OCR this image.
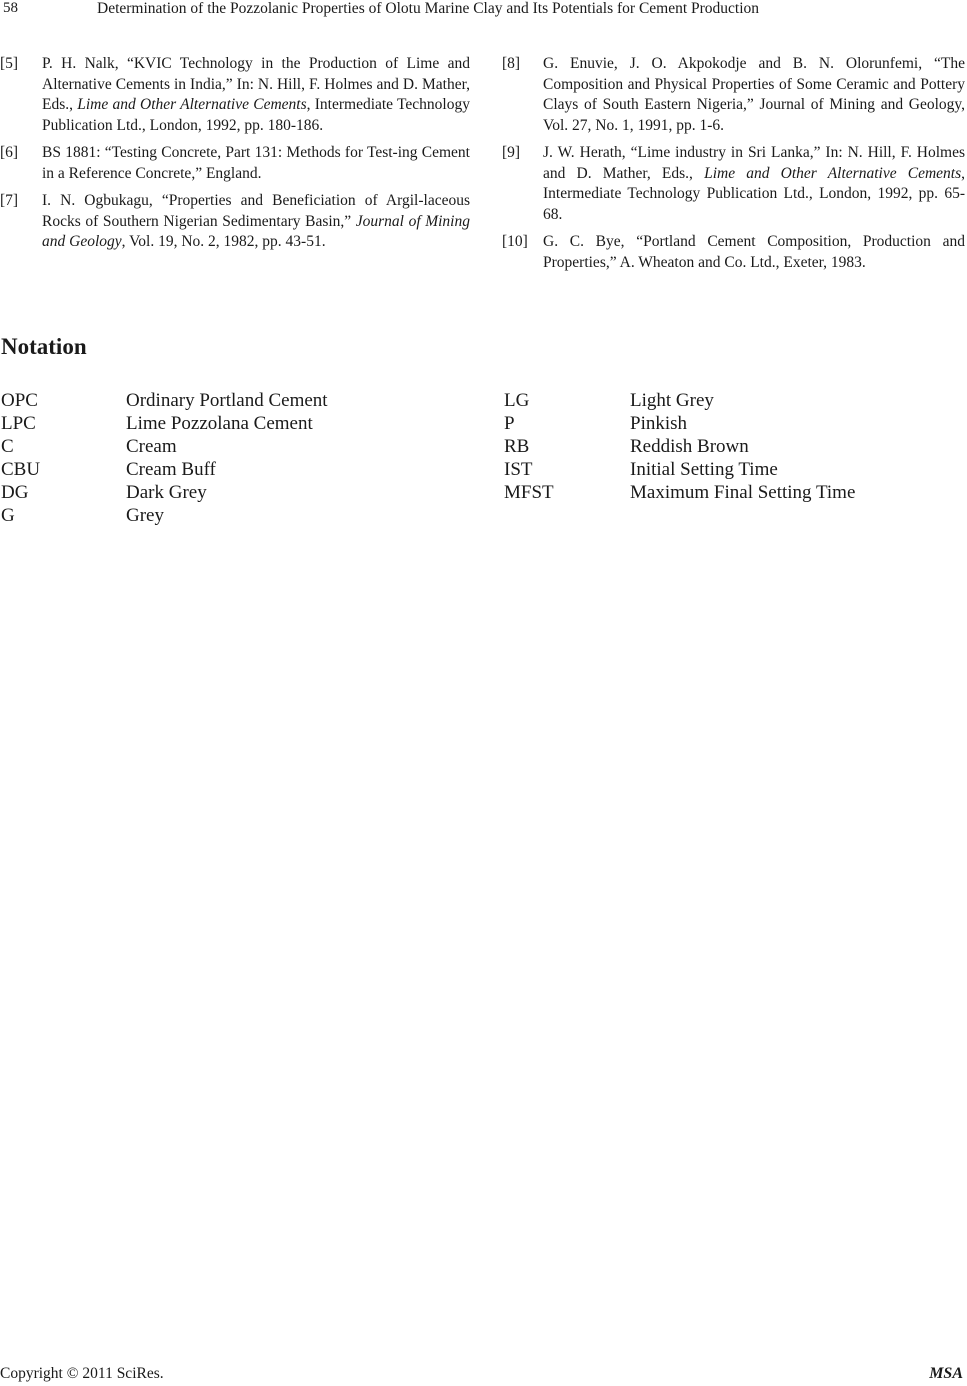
58	Determination of the Pozzolanic Properties of Olotu Marine Clay and Its Potentials for Cement Production
[5] P. H. Nalk, “KVIC Technology in the Production of Lime and Alternative Cements in India,” In: N. Hill, F. Holmes and D. Mather, Eds., Lime and Other Alternative Cements, Intermediate Technology Publication Ltd., London, 1992, pp. 180-186.
[6] BS 1881: “Testing Concrete, Part 131: Methods for Test-ing Cement in a Reference Concrete,” England.
[7] I. N. Ogbukagu, “Properties and Beneficiation of Argil-laceous Rocks of Southern Nigerian Sedimentary Basin,” Journal of Mining and Geology, Vol. 19, No. 2, 1982, pp. 43-51.
[8] G. Enuvie, J. O. Akpokodje and B. N. Olorunfemi, “The Composition and Physical Properties of Some Ceramic and Pottery Clays of South Eastern Nigeria,” Journal of Mining and Geology, Vol. 27, No. 1, 1991, pp. 1-6.
[9] J. W. Herath, “Lime industry in Sri Lanka,” In: N. Hill, F. Holmes and D. Mather, Eds., Lime and Other Alternative Cements, Intermediate Technology Publication Ltd., London, 1992, pp. 65-68.
[10] G. C. Bye, “Portland Cement Composition, Production and Properties,” A. Wheaton and Co. Ltd., Exeter, 1983.
Notation
OPC	Ordinary Portland Cement
LPC	Lime Pozzolana Cement
C	Cream
CBU	Cream Buff
DG	Dark Grey
G	Grey
LG	Light Grey
P	Pinkish
RB	Reddish Brown
IST	Initial Setting Time
MFST	Maximum Final Setting Time
Copyright © 2011 SciRes.	MSA
